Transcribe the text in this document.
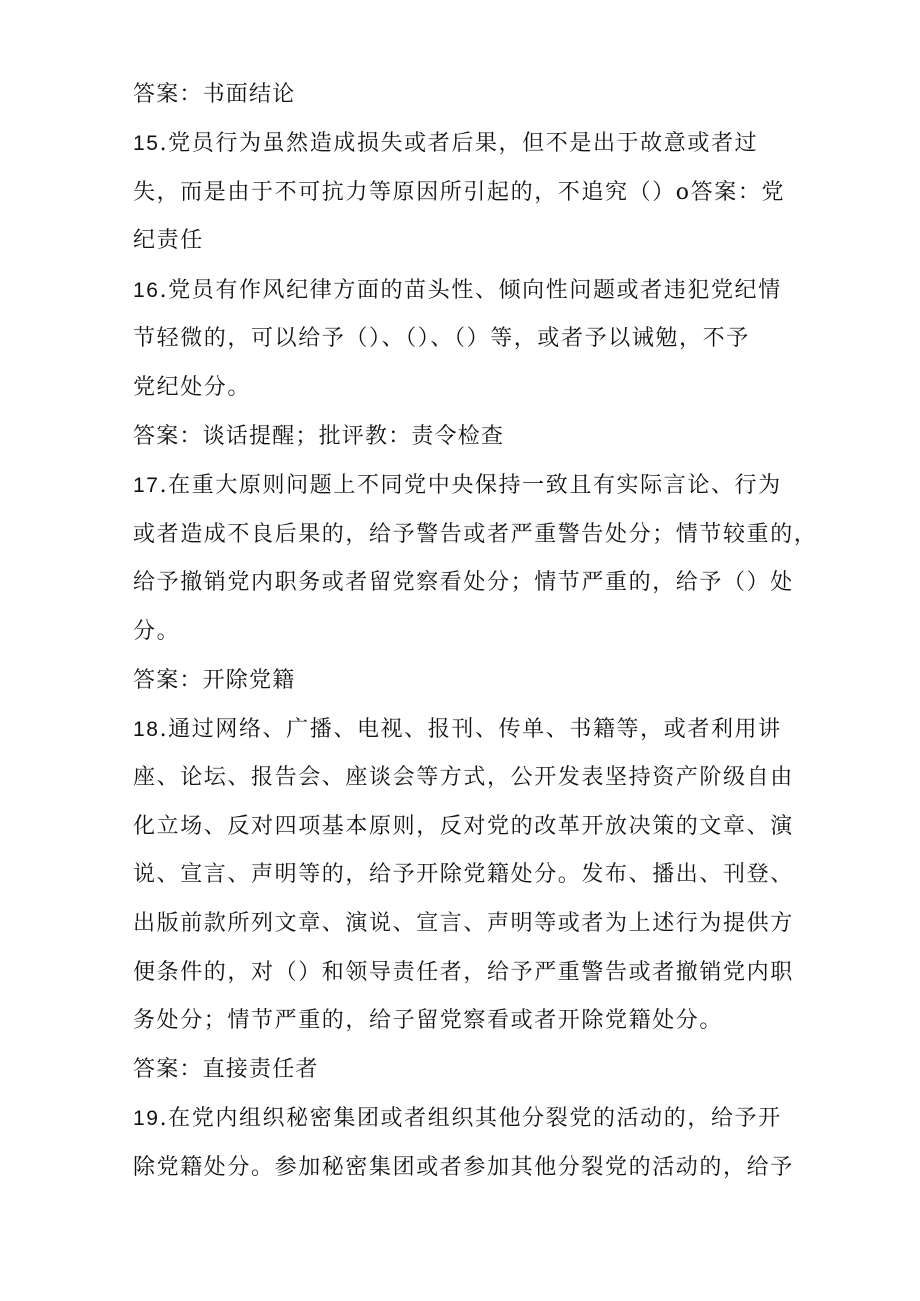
答案：书面结论
15.党员行为虽然造成损失或者后果，但不是出于故意或者过
失，而是由于不可抗力等原因所引起的，不追究（）o答案：党
纪责任
16.党员有作风纪律方面的苗头性、倾向性问题或者违犯党纪情
节轻微的，可以给予（）、（）、（）等，或者予以诫勉，不予
党纪处分。
答案：谈话提醒；批评教：责令检查
17.在重大原则问题上不同党中央保持一致且有实际言论、行为
或者造成不良后果的，给予警告或者严重警告处分；情节较重的，
给予撤销党内职务或者留党察看处分；情节严重的，给予（）处
分。
答案：开除党籍
18.通过网络、广播、电视、报刊、传单、书籍等，或者利用讲
座、论坛、报告会、座谈会等方式，公开发表坚持资产阶级自由
化立场、反对四项基本原则，反对党的改革开放决策的文章、演
说、宣言、声明等的，给予开除党籍处分。发布、播出、刊登、
出版前款所列文章、演说、宣言、声明等或者为上述行为提供方
便条件的，对（）和领导责任者，给予严重警告或者撤销党内职
务处分；情节严重的，给子留党察看或者开除党籍处分。
答案：直接责任者
19.在党内组织秘密集团或者组织其他分裂党的活动的，给予开
除党籍处分。参加秘密集团或者参加其他分裂党的活动的，给予
